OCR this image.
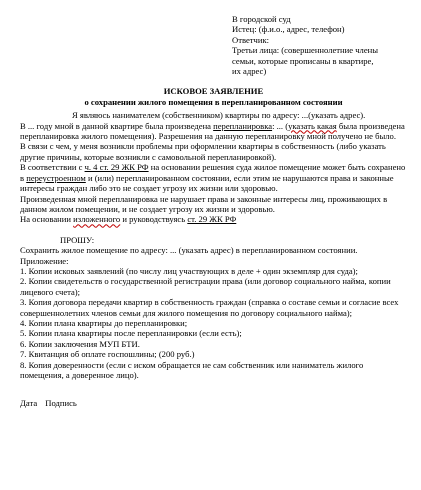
В городской суд
Истец: (ф.и.о., адрес, телефон)
Ответчик:
Третьи лица: (совершеннолетние члены
семьи, которые прописаны в квартире,
их адрес)
ИСКОВОЕ ЗАЯВЛЕНИЕ
о сохранении жилого помещения в перепланированном состоянии

Я являюсь нанимателем (собственником) квартиры по адресу: ...(указать адрес).

В ... году мной в данной квартире была произведена перепланировка: ... (указать какая была произведена перепланировка жилого помещения). Разрешения на данную перепланировку мной получено не было.

В связи с чем, у меня возникли проблемы при оформлении квартиры в собственность (либо указать другие причины, которые возникли с самовольной перепланировкой).

В соответствии с ч. 4 ст. 29 ЖК РФ на основании решения суда жилое помещение может быть сохранено в переустроенном и (или) перепланированном состоянии, если этим не нарушаются права и законные интересы граждан либо это не создает угрозу их жизни или здоровью.

Произведенная мной перепланировка не нарушает права и законные интересы лиц, проживающих в данном жилом помещении, и не создает угрозу их жизни и здоровью.

На основании изложенного и руководствуясь ст. 29 ЖК РФ

ПРОШУ:

Сохранить жилое помещение по адресу: ... (указать адрес) в перепланированном состоянии.

Приложение:

1. Копии исковых заявлений (по числу лиц участвующих в деле + один экземпляр для суда);

2. Копии свидетельств о государственной регистрации права (или договор социального найма, копии лицевого счета);

3. Копия договора передачи квартир в собственность граждан (справка о составе семьи и согласие всех совершеннолетних членов семьи для жилого помещения по договору социального найма);

4. Копии плана квартиры до перепланировки;

5. Копии плана квартиры после перепланировки (если есть);

6. Копии заключения МУП БТИ.

7. Квитанция об оплате госпошлины; (200 руб.)

8. Копия доверенности (если с иском обращается не сам собственник или наниматель жилого помещения, а доверенное лицо).

Дата Подпись
